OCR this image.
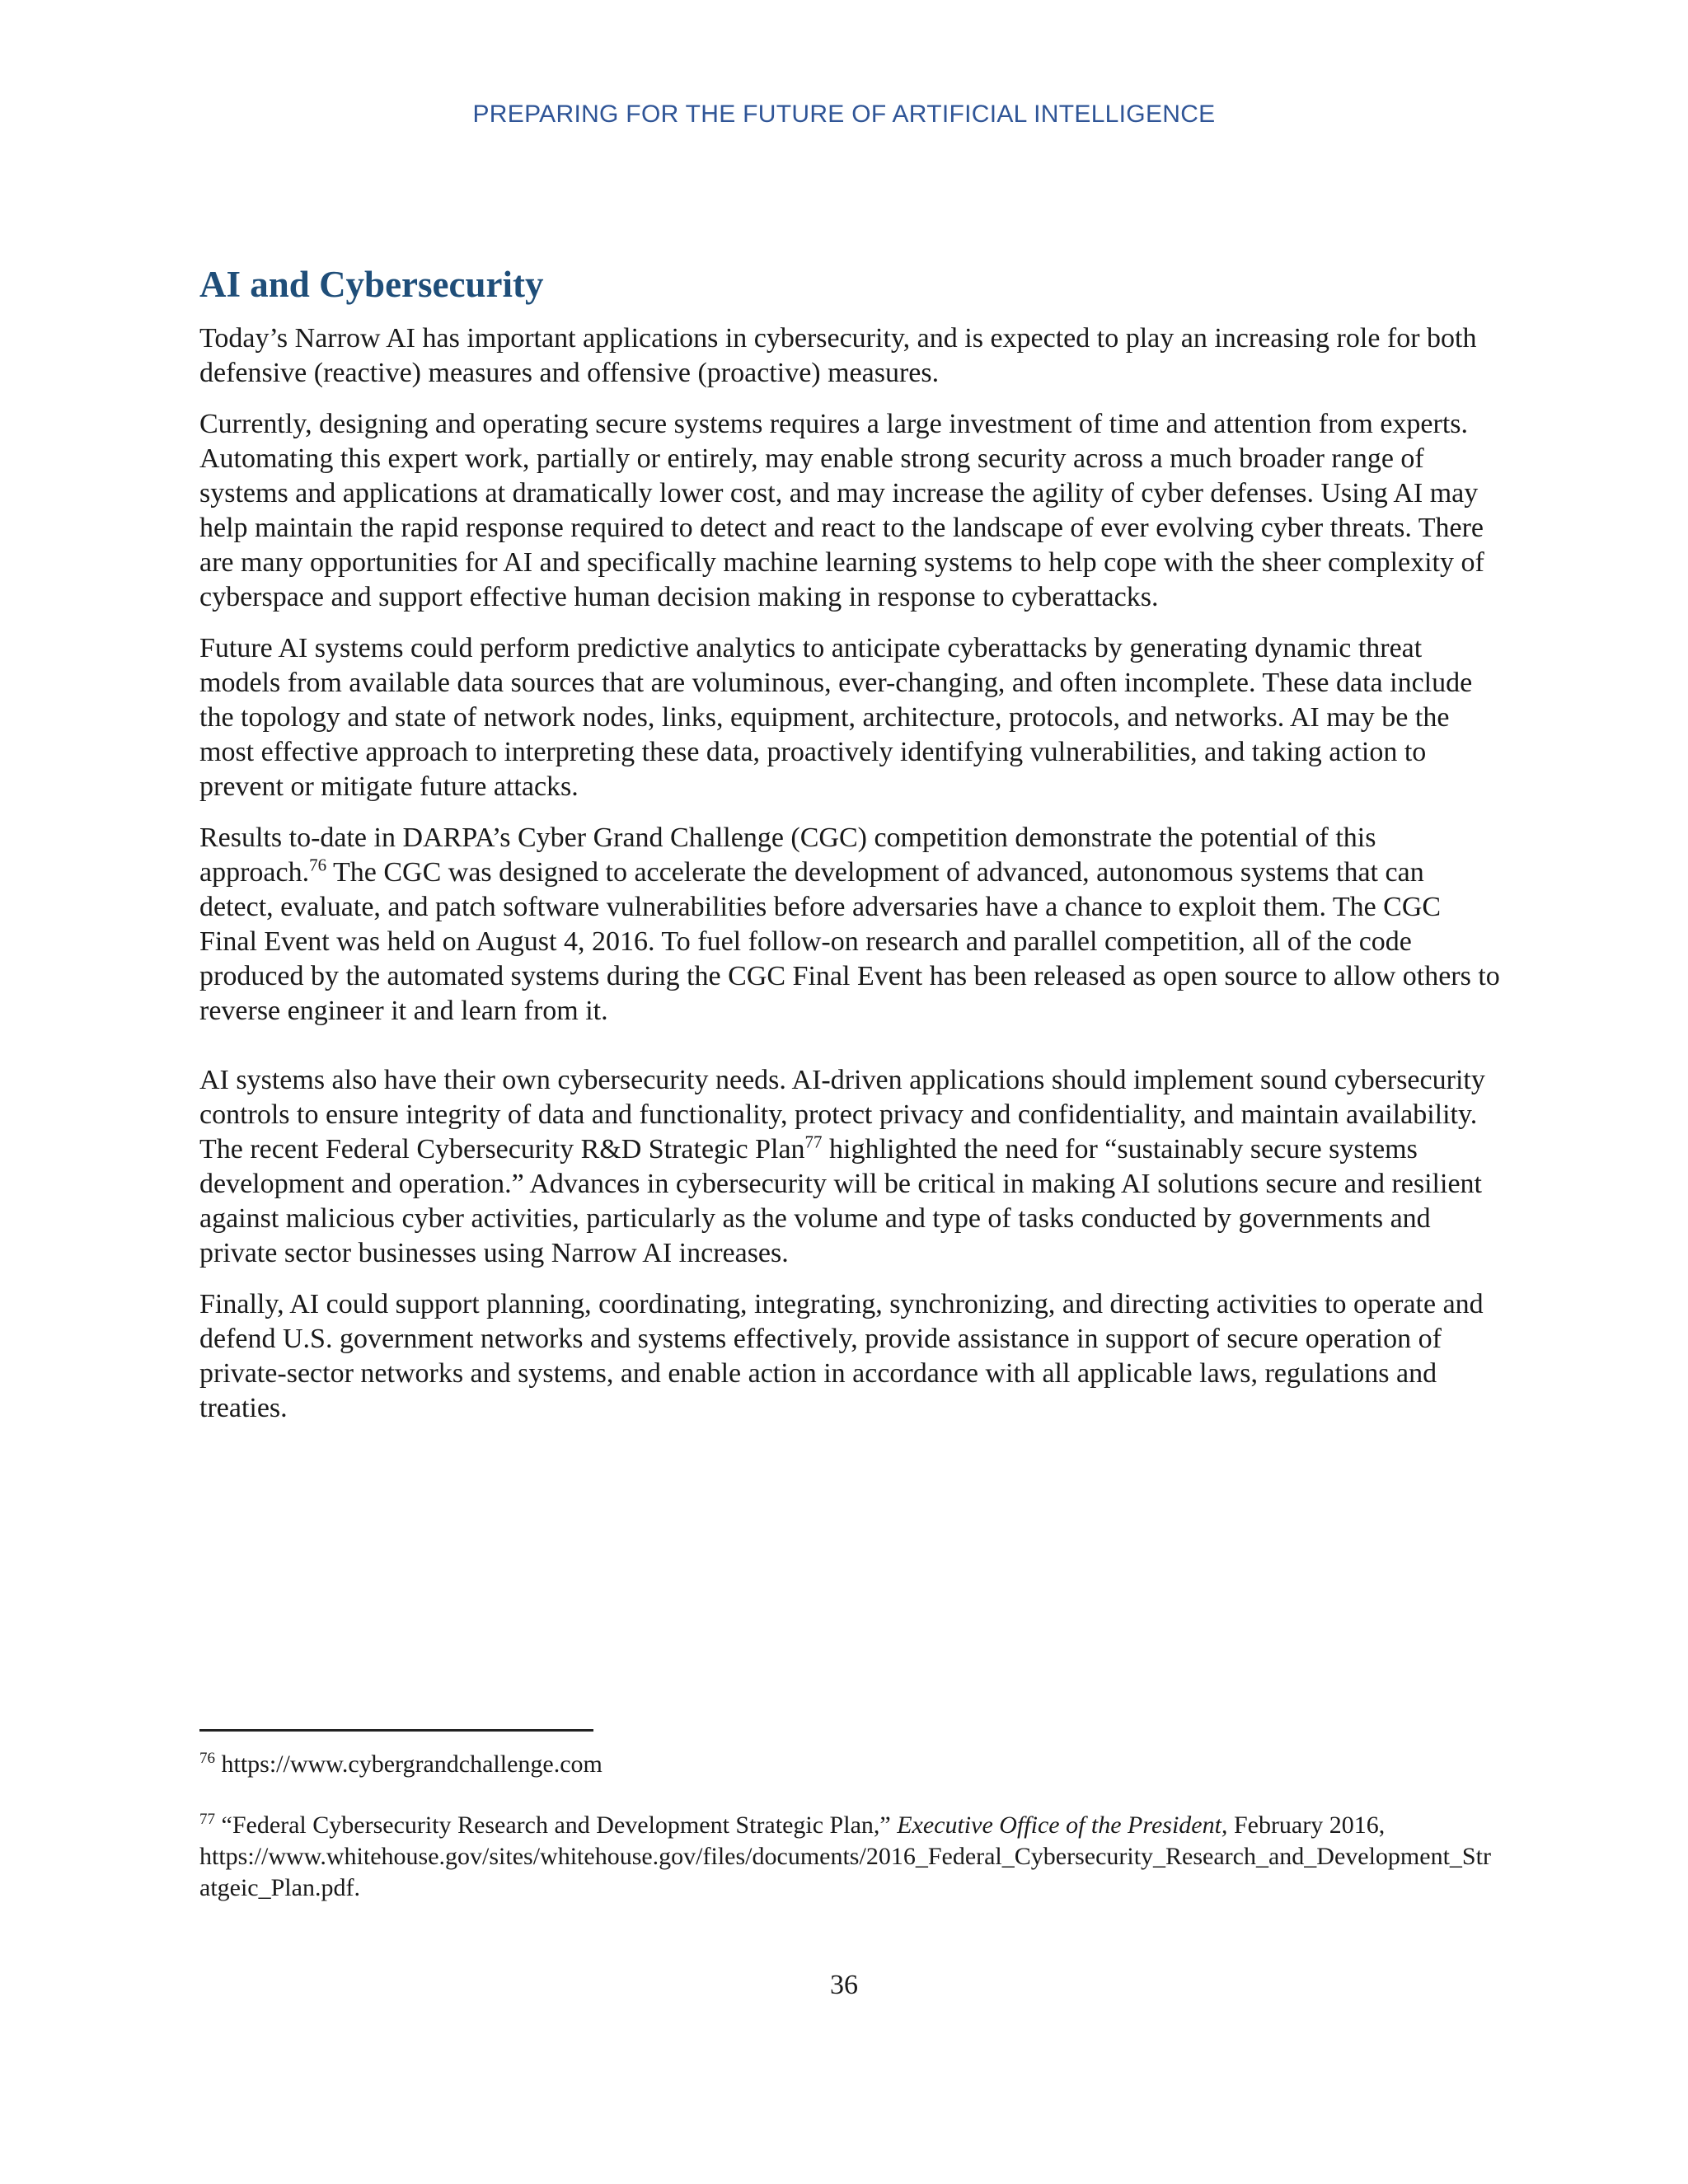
PREPARING FOR THE FUTURE OF ARTIFICIAL INTELLIGENCE
AI and Cybersecurity

Today’s Narrow AI has important applications in cybersecurity, and is expected to play an increasing role for both defensive (reactive) measures and offensive (proactive) measures.

Currently, designing and operating secure systems requires a large investment of time and attention from experts. Automating this expert work, partially or entirely, may enable strong security across a much broader range of systems and applications at dramatically lower cost, and may increase the agility of cyber defenses. Using AI may help maintain the rapid response required to detect and react to the landscape of ever evolving cyber threats. There are many opportunities for AI and specifically machine learning systems to help cope with the sheer complexity of cyberspace and support effective human decision making in response to cyberattacks.

Future AI systems could perform predictive analytics to anticipate cyberattacks by generating dynamic threat models from available data sources that are voluminous, ever-changing, and often incomplete. These data include the topology and state of network nodes, links, equipment, architecture, protocols, and networks. AI may be the most effective approach to interpreting these data, proactively identifying vulnerabilities, and taking action to prevent or mitigate future attacks.

Results to-date in DARPA’s Cyber Grand Challenge (CGC) competition demonstrate the potential of this approach.$^{76}$ The CGC was designed to accelerate the development of advanced, autonomous systems that can detect, evaluate, and patch software vulnerabilities before adversaries have a chance to exploit them. The CGC Final Event was held on August 4, 2016. To fuel follow-on research and parallel competition, all of the code produced by the automated systems during the CGC Final Event has been released as open source to allow others to reverse engineer it and learn from it.

AI systems also have their own cybersecurity needs. AI-driven applications should implement sound cybersecurity controls to ensure integrity of data and functionality, protect privacy and confidentiality, and maintain availability. The recent Federal Cybersecurity R&D Strategic Plan$^{77}$ highlighted the need for “sustainably secure systems development and operation.” Advances in cybersecurity will be critical in making AI solutions secure and resilient against malicious cyber activities, particularly as the volume and type of tasks conducted by governments and private sector businesses using Narrow AI increases.

Finally, AI could support planning, coordinating, integrating, synchronizing, and directing activities to operate and defend U.S. government networks and systems effectively, provide assistance in support of secure operation of private-sector networks and systems, and enable action in accordance with all applicable laws, regulations and treaties.

$^{76}$ https://www.cybergrandchallenge.com
$^{77}$ “Federal Cybersecurity Research and Development Strategic Plan,” Executive Office of the President, February 2016,
https://www.whitehouse.gov/sites/whitehouse.gov/files/documents/2016_Federal_Cybersecurity_Research_and_Development_Stratgeic_Plan.pdf.
36
